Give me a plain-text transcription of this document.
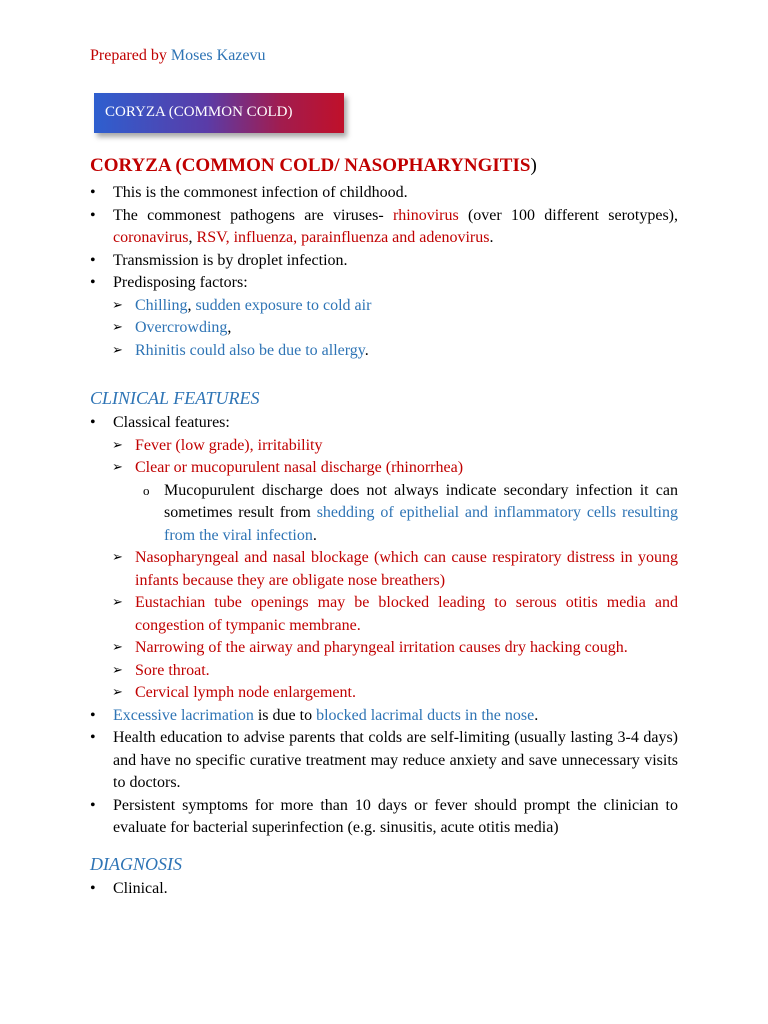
Prepared by Moses Kazevu
CORYZA (COMMON COLD)
CORYZA (COMMON COLD/ NASOPHARYNGITIS)
• This is the commonest infection of childhood.
• The commonest pathogens are viruses- rhinovirus (over 100 different serotypes), coronavirus, RSV, influenza, parainfluenza and adenovirus.
• Transmission is by droplet infection.
• Predisposing factors:
➢ Chilling, sudden exposure to cold air
➢ Overcrowding,
➢ Rhinitis could also be due to allergy.
CLINICAL FEATURES
• Classical features:
➢ Fever (low grade), irritability
➢ Clear or mucopurulent nasal discharge (rhinorrhea)
o Mucopurulent discharge does not always indicate secondary infection it can sometimes result from shedding of epithelial and inflammatory cells resulting from the viral infection.
➢ Nasopharyngeal and nasal blockage (which can cause respiratory distress in young infants because they are obligate nose breathers)
➢ Eustachian tube openings may be blocked leading to serous otitis media and congestion of tympanic membrane.
➢ Narrowing of the airway and pharyngeal irritation causes dry hacking cough.
➢ Sore throat.
➢ Cervical lymph node enlargement.
• Excessive lacrimation is due to blocked lacrimal ducts in the nose.
• Health education to advise parents that colds are self-limiting (usually lasting 3-4 days) and have no specific curative treatment may reduce anxiety and save unnecessary visits to doctors.
• Persistent symptoms for more than 10 days or fever should prompt the clinician to evaluate for bacterial superinfection (e.g. sinusitis, acute otitis media)
DIAGNOSIS
• Clinical.
